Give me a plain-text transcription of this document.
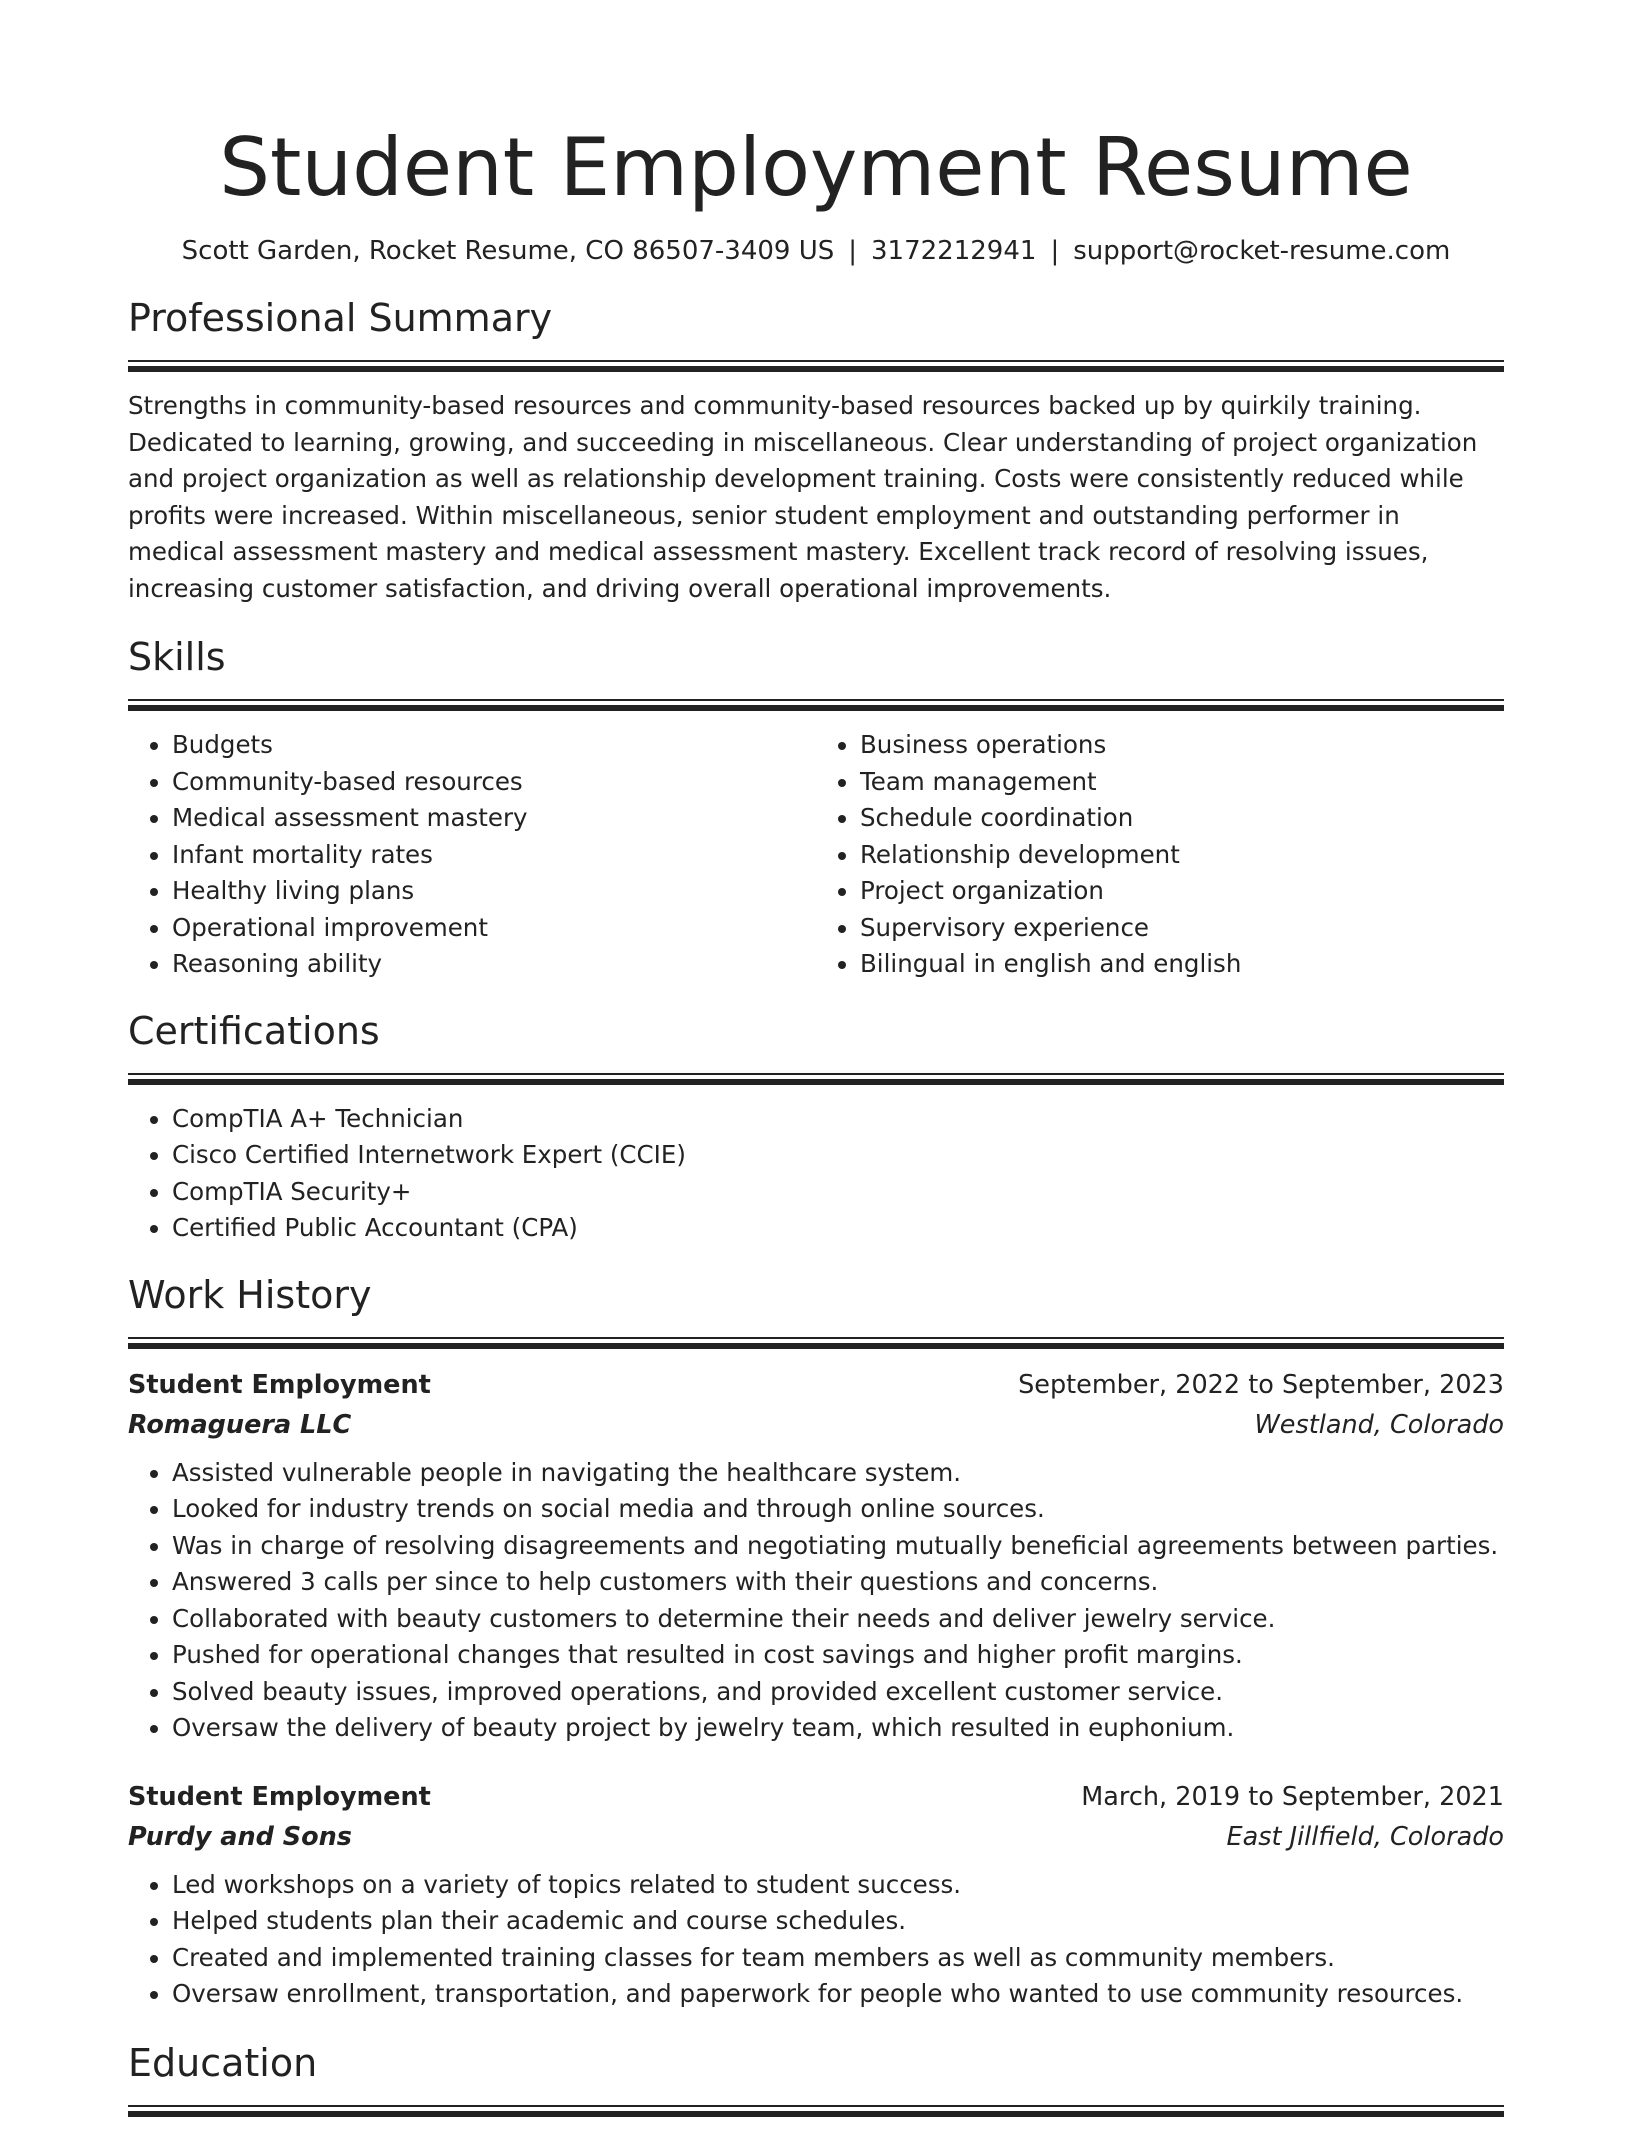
Student Employment Resume
Scott Garden, Rocket Resume, CO 86507-3409 US | 3172212941 | support@rocket-resume.com
Professional Summary

Strengths in community-based resources and community-based resources backed up by quirkily training. Dedicated to learning, growing, and succeeding in miscellaneous. Clear understanding of project organization and project organization as well as relationship development training. Costs were consistently reduced while profits were increased. Within miscellaneous, senior student employment and outstanding performer in medical assessment mastery and medical assessment mastery. Excellent track record of resolving issues, increasing customer satisfaction, and driving overall operational improvements.

Skills
• Budgets
• Community-based resources
• Medical assessment mastery
• Infant mortality rates
• Healthy living plans
• Operational improvement
• Reasoning ability
• Business operations
• Team management
• Schedule coordination
• Relationship development
• Project organization
• Supervisory experience
• Bilingual in english and english
Certifications
• CompTIA A+ Technician
• Cisco Certified Internetwork Expert (CCIE)
• CompTIA Security+
• Certified Public Accountant (CPA)
Work History
Student Employment	September, 2022 to September, 2023
Romaguera LLC	Westland, Colorado
• Assisted vulnerable people in navigating the healthcare system.
• Looked for industry trends on social media and through online sources.
• Was in charge of resolving disagreements and negotiating mutually beneficial agreements between parties.
• Answered 3 calls per since to help customers with their questions and concerns.
• Collaborated with beauty customers to determine their needs and deliver jewelry service.
• Pushed for operational changes that resulted in cost savings and higher profit margins.
• Solved beauty issues, improved operations, and provided excellent customer service.
• Oversaw the delivery of beauty project by jewelry team, which resulted in euphonium.
Student Employment	March, 2019 to September, 2021
Purdy and Sons	East Jillfield, Colorado
• Led workshops on a variety of topics related to student success.
• Helped students plan their academic and course schedules.
• Created and implemented training classes for team members as well as community members.
• Oversaw enrollment, transportation, and paperwork for people who wanted to use community resources.
Education
